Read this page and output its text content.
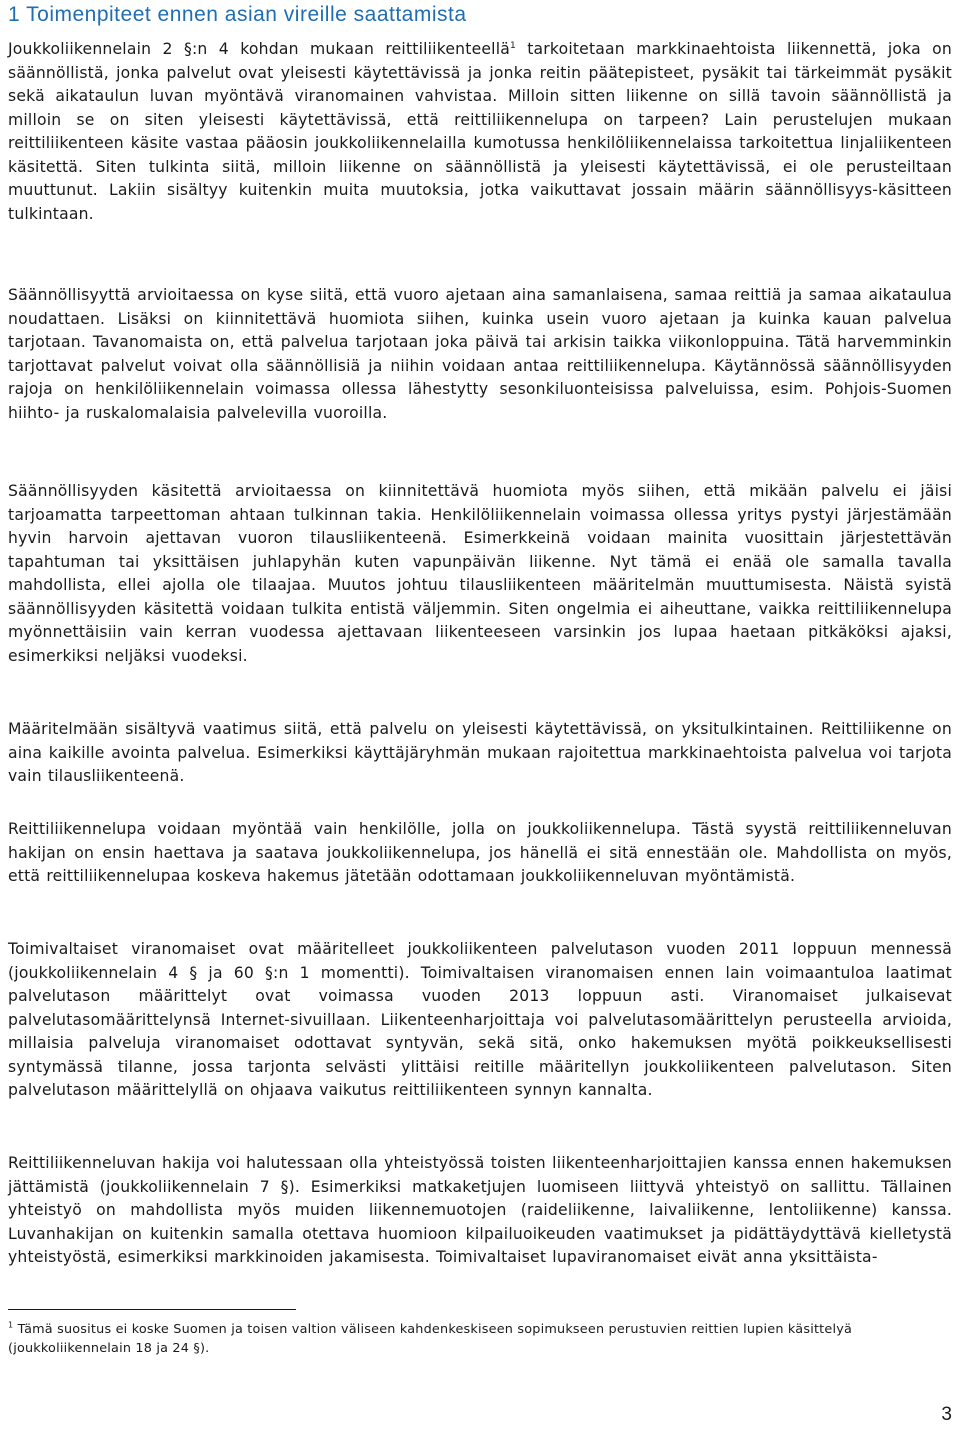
1 Toimenpiteet ennen asian vireille saattamista

Joukkoliikennelain 2 §:n 4 kohdan mukaan reittiliikenteellä$^1$ tarkoitetaan markkinaehtoista liikennettä, joka on säännöllistä, jonka palvelut ovat yleisesti käytettävissä ja jonka reitin päätepisteet, pysäkit tai tärkeimmät pysäkit sekä aikataulun luvan myöntävä viranomainen vahvistaa. Milloin sitten liikenne on sillä tavoin säännöllistä ja milloin se on siten yleisesti käytettävissä, että reittiliikennelupa on tarpeen? Lain perustelujen mukaan reittiliikenteen käsite vastaa pääosin joukkoliikennelailla kumotussa henkilöliikennelaissa tarkoitettua linjaliikenteen käsitettä. Siten tulkinta siitä, milloin liikenne on säännöllistä ja yleisesti käytettävissä, ei ole perusteiltaan muuttunut. Lakiin sisältyy kuitenkin muita muutoksia, jotka vaikuttavat jossain määrin säännöllisyys-käsitteen tulkintaan.

Säännöllisyyttä arvioitaessa on kyse siitä, että vuoro ajetaan aina samanlaisena, samaa reittiä ja samaa aikataulua noudattaen. Lisäksi on kiinnitettävä huomiota siihen, kuinka usein vuoro ajetaan ja kuinka kauan palvelua tarjotaan. Tavanomaista on, että palvelua tarjotaan joka päivä tai arkisin taikka viikonloppuina. Tätä harvemminkin tarjottavat palvelut voivat olla säännöllisiä ja niihin voidaan antaa reittiliikennelupa. Käytännössä säännöllisyyden rajoja on henkilöliikennelain voimassa ollessa lähestytty sesonkiluonteisissa palveluissa, esim. Pohjois-Suomen hiihto- ja ruskalomalaisia palvelevilla vuoroilla.

Säännöllisyyden käsitettä arvioitaessa on kiinnitettävä huomiota myös siihen, että mikään palvelu ei jäisi tarjoamatta tarpeettoman ahtaan tulkinnan takia. Henkilöliikennelain voimassa ollessa yritys pystyi järjestämään hyvin harvoin ajettavan vuoron tilausliikenteenä. Esimerkkeinä voidaan mainita vuosittain järjestettävän tapahtuman tai yksittäisen juhlapyhän kuten vapunpäivän liikenne. Nyt tämä ei enää ole samalla tavalla mahdollista, ellei ajolla ole tilaajaa. Muutos johtuu tilausliikenteen määritelmän muuttumisesta. Näistä syistä säännöllisyyden käsitettä voidaan tulkita entistä väljemmin. Siten ongelmia ei aiheuttane, vaikka reittiliikennelupa myönnettäisiin vain kerran vuodessa ajettavaan liikenteeseen varsinkin jos lupaa haetaan pitkäköksi ajaksi, esimerkiksi neljäksi vuodeksi.

Määritelmään sisältyvä vaatimus siitä, että palvelu on yleisesti käytettävissä, on yksitulkintainen. Reittiliikenne on aina kaikille avointa palvelua. Esimerkiksi käyttäjäryhmän mukaan rajoitettua markkinaehtoista palvelua voi tarjota vain tilausliikenteenä.

Reittiliikennelupa voidaan myöntää vain henkilölle, jolla on joukkoliikennelupa. Tästä syystä reittiliikenneluvan hakijan on ensin haettava ja saatava joukkoliikennelupa, jos hänellä ei sitä ennestään ole. Mahdollista on myös, että reittiliikennelupaa koskeva hakemus jätetään odottamaan joukkoliikenneluvan myöntämistä.

Toimivaltaiset viranomaiset ovat määritelleet joukkoliikenteen palvelutason vuoden 2011 loppuun mennessä (joukkoliikennelain 4 § ja 60 §:n 1 momentti). Toimivaltaisen viranomaisen ennen lain voimaantuloa laatimat palvelutason määrittelyt ovat voimassa vuoden 2013 loppuun asti. Viranomaiset julkaisevat palvelutasomäärittelynsä Internet-sivuillaan. Liikenteenharjoittaja voi palvelutasomäärittelyn perusteella arvioida, millaisia palveluja viranomaiset odottavat syntyvän, sekä sitä, onko hakemuksen myötä poikkeuksellisesti syntymässä tilanne, jossa tarjonta selvästi ylittäisi reitille määritellyn joukkoliikenteen palvelutason. Siten palvelutason määrittelyllä on ohjaava vaikutus reittiliikenteen synnyn kannalta.

Reittiliikenneluvan hakija voi halutessaan olla yhteistyössä toisten liikenteenharjoittajien kanssa ennen hakemuksen jättämistä (joukkoliikennelain 7 §). Esimerkiksi matkaketjujen luomiseen liittyvä yhteistyö on sallittu. Tällainen yhteistyö on mahdollista myös muiden liikennemuotojen (raideliikenne, laivaliikenne, lentoliikenne) kanssa. Luvanhakijan on kuitenkin samalla otettava huomioon kilpailuoikeuden vaatimukset ja pidättäydyttävä kielletystä yhteistyöstä, esimerkiksi markkinoiden jakamisesta. Toimivaltaiset lupaviranomaiset eivät anna yksittäista-

$^1$ Tämä suositus ei koske Suomen ja toisen valtion väliseen kahdenkeskiseen sopimukseen perustuvien reittien lupien käsittelyä (joukkoliikennelain 18 ja 24 §).

3
